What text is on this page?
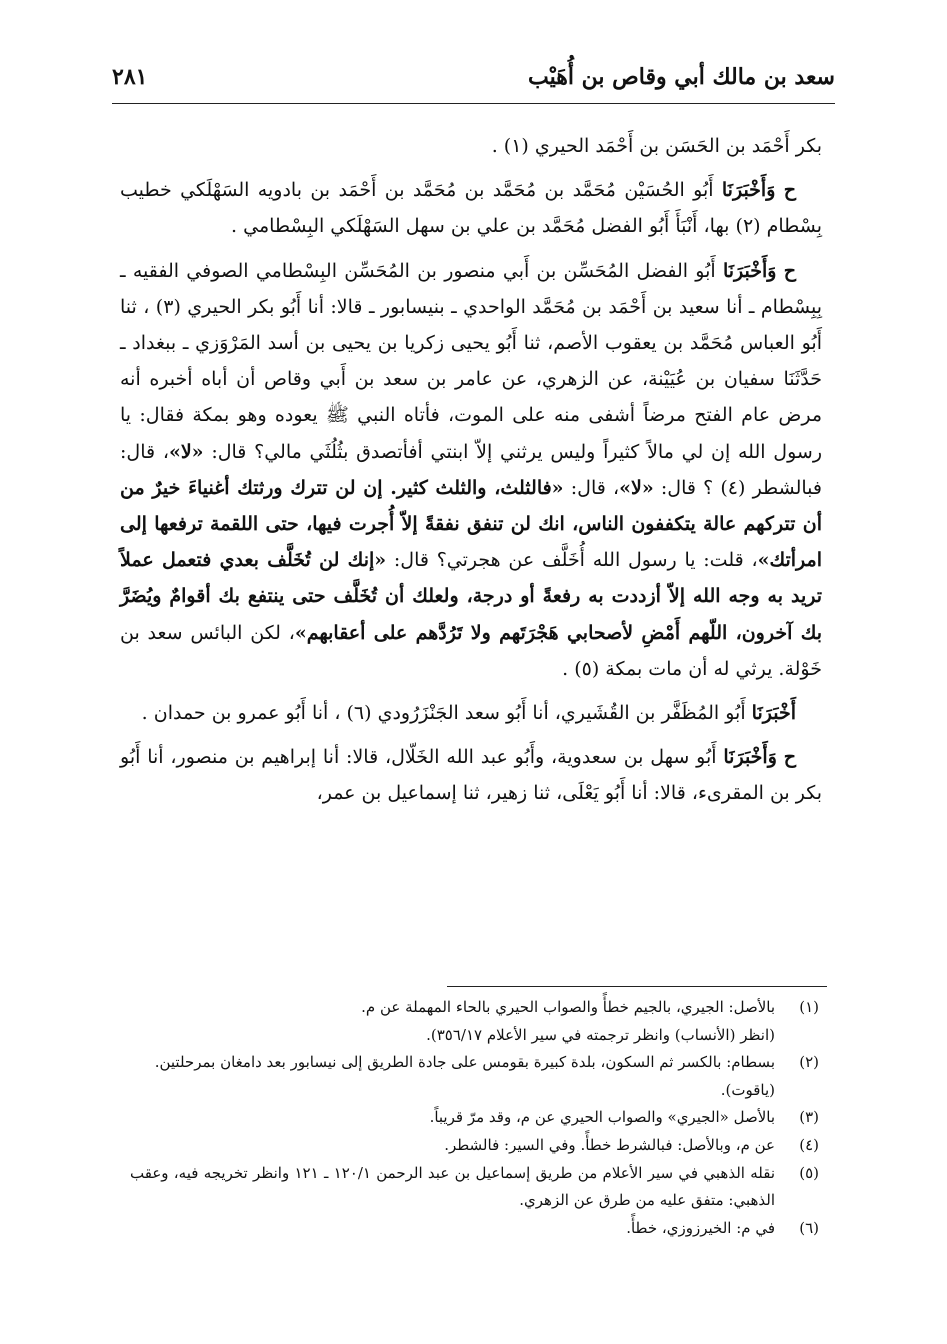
سعد بن مالك أبي وقاص بن أُهَيْب
٢٨١

بكر أَحْمَد بن الحَسَن بن أَحْمَد الحيري (١) .

ح وَأَخْبَرَنَا أَبُو الحُسَيْن مُحَمَّد بن مُحَمَّد بن مُحَمَّد بن أَحْمَد بن بادويه السَهْلَكي خطيب بِسْطام (٢) بها، أَنْبَأَ أَبُو الفضل مُحَمَّد بن علي بن سهل السَهْلَكي البِسْطامي .

ح وَأَخْبَرَنَا أَبُو الفضل المُحَسِّن بن أَبي منصور بن المُحَسِّن البِسْطامي الصوفي الفقيه ـ بِبِسْطام ـ أنا سعيد بن أَحْمَد بن مُحَمَّد الواحدي ـ بنيسابور ـ قالا: أنا أَبُو بكر الحيري (٣) ، ثنا أَبُو العباس مُحَمَّد بن يعقوب الأصم، ثنا أَبُو يحيى زكريا بن يحيى بن أسد المَرْوَزي ـ ببغداد ـ حَدَّثَنَا سفيان بن عُيَيْنة، عن الزهري، عن عامر بن سعد بن أَبي وقاص أن أباه أخبره أنه مرض عام الفتح مرضاً أشفى منه على الموت، فأتاه النبي ﷺ يعوده وهو بمكة فقال: يا رسول الله إن لي مالاً كثيراً وليس يرثني إلاّ ابنتي أفأتصدق بثُلُثَي مالي؟ قال: «لا»، قال: فبالشطر (٤) ؟ قال: «لا»، قال: «فالثلث، والثلث كثير. إن لن تترك ورثتك أغنياءَ خيرٌ من أن تتركهم عالة يتكففون الناس، انك لن تنفق نفقةً إلاّ أُجرت فيها، حتى اللقمة ترفعها إلى امرأتك»، قلت: يا رسول الله أُخَلَّف عن هجرتي؟ قال: «إنك لن تُخَلَّف بعدي فتعمل عملاً تريد به وجه الله إلاّ أزددت به رفعةً أو درجة، ولعلك أن تُخَلَّف حتى ينتفع بك أقوامٌ ويُضَرَّ بك آخرون، اللّهم أَمْضِ لأصحابي هَجْرَتَهم ولا تَرُدَّهم على أعقابهم»، لكن البائس سعد بن خَوْلة. يرثي له أن مات بمكة (٥) .

أَخْبَرَنَا أَبُو المُظَفَّر بن القُشَيري، أنا أَبُو سعد الجَنْزَرُودي (٦) ، أنا أَبُو عمرو بن حمدان .

ح وَأَخْبَرَنَا أَبُو سهل بن سعدوية، وأَبُو عبد الله الخَلّال، قالا: أنا إبراهيم بن منصور، أنا أَبُو بكر بن المقرىء، قالا: أنا أَبُو يَعْلَى، ثنا زهير، ثنا إسماعيل بن عمر،

(١)
بالأصل: الجيري، بالجيم خطأً والصواب الحيري بالحاء المهملة عن م.
(انظر (الأنساب) وانظر ترجمته في سير الأعلام ٣٥٦/١٧).
(٢)
بسطام: بالكسر ثم السكون، بلدة كبيرة بقومس على جادة الطريق إلى نيسابور بعد دامغان بمرحلتين.
(ياقوت).
(٣)
بالأصل «الجيري» والصواب الحيري عن م، وقد مرّ قريباً.
(٤)
عن م، وبالأصل: فبالشرط خطأً. وفي السير: فالشطر.
(٥)
نقله الذهبي في سير الأعلام من طريق إسماعيل بن عبد الرحمن ١٢٠/١ ـ ١٢١ وانظر تخريجه فيه، وعقب الذهبي: متفق عليه من طرق عن الزهري.
(٦)
في م: الخيرزوزي، خطأً.
